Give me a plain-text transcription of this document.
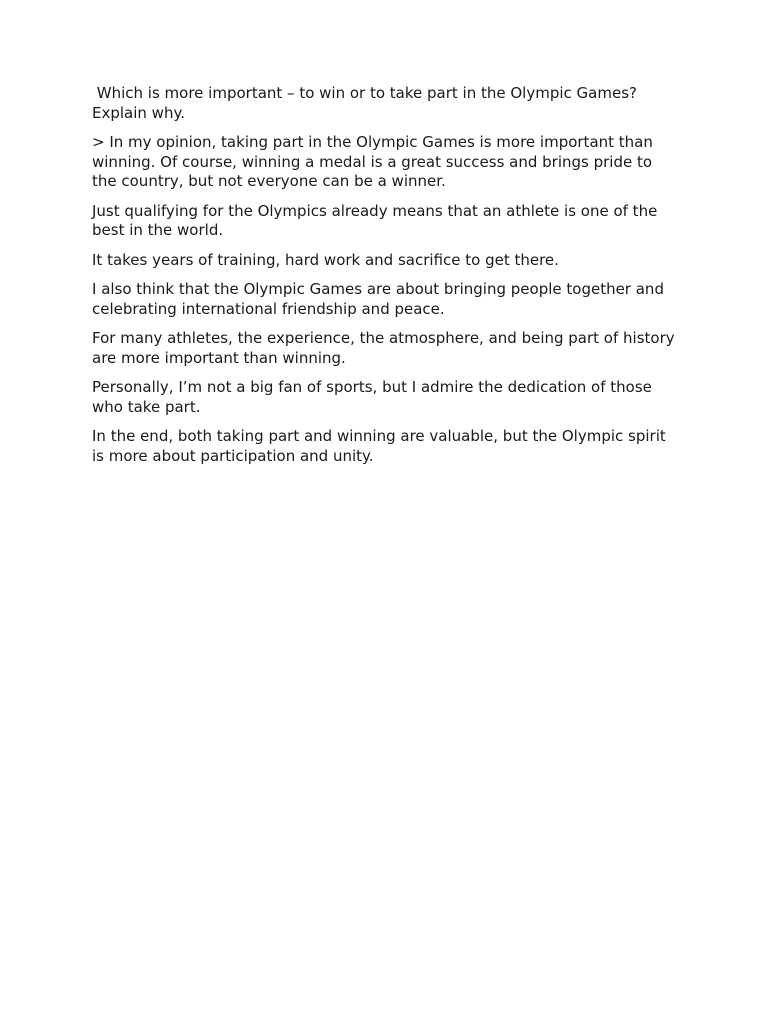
Which is more important – to win or to take part in the Olympic Games? Explain why.

> In my opinion, taking part in the Olympic Games is more important than winning. Of course, winning a medal is a great success and brings pride to the country, but not everyone can be a winner.

Just qualifying for the Olympics already means that an athlete is one of the best in the world.

It takes years of training, hard work and sacrifice to get there.

I also think that the Olympic Games are about bringing people together and celebrating international friendship and peace.

For many athletes, the experience, the atmosphere, and being part of history are more important than winning.

Personally, I’m not a big fan of sports, but I admire the dedication of those who take part.

In the end, both taking part and winning are valuable, but the Olympic spirit is more about participation and unity.
